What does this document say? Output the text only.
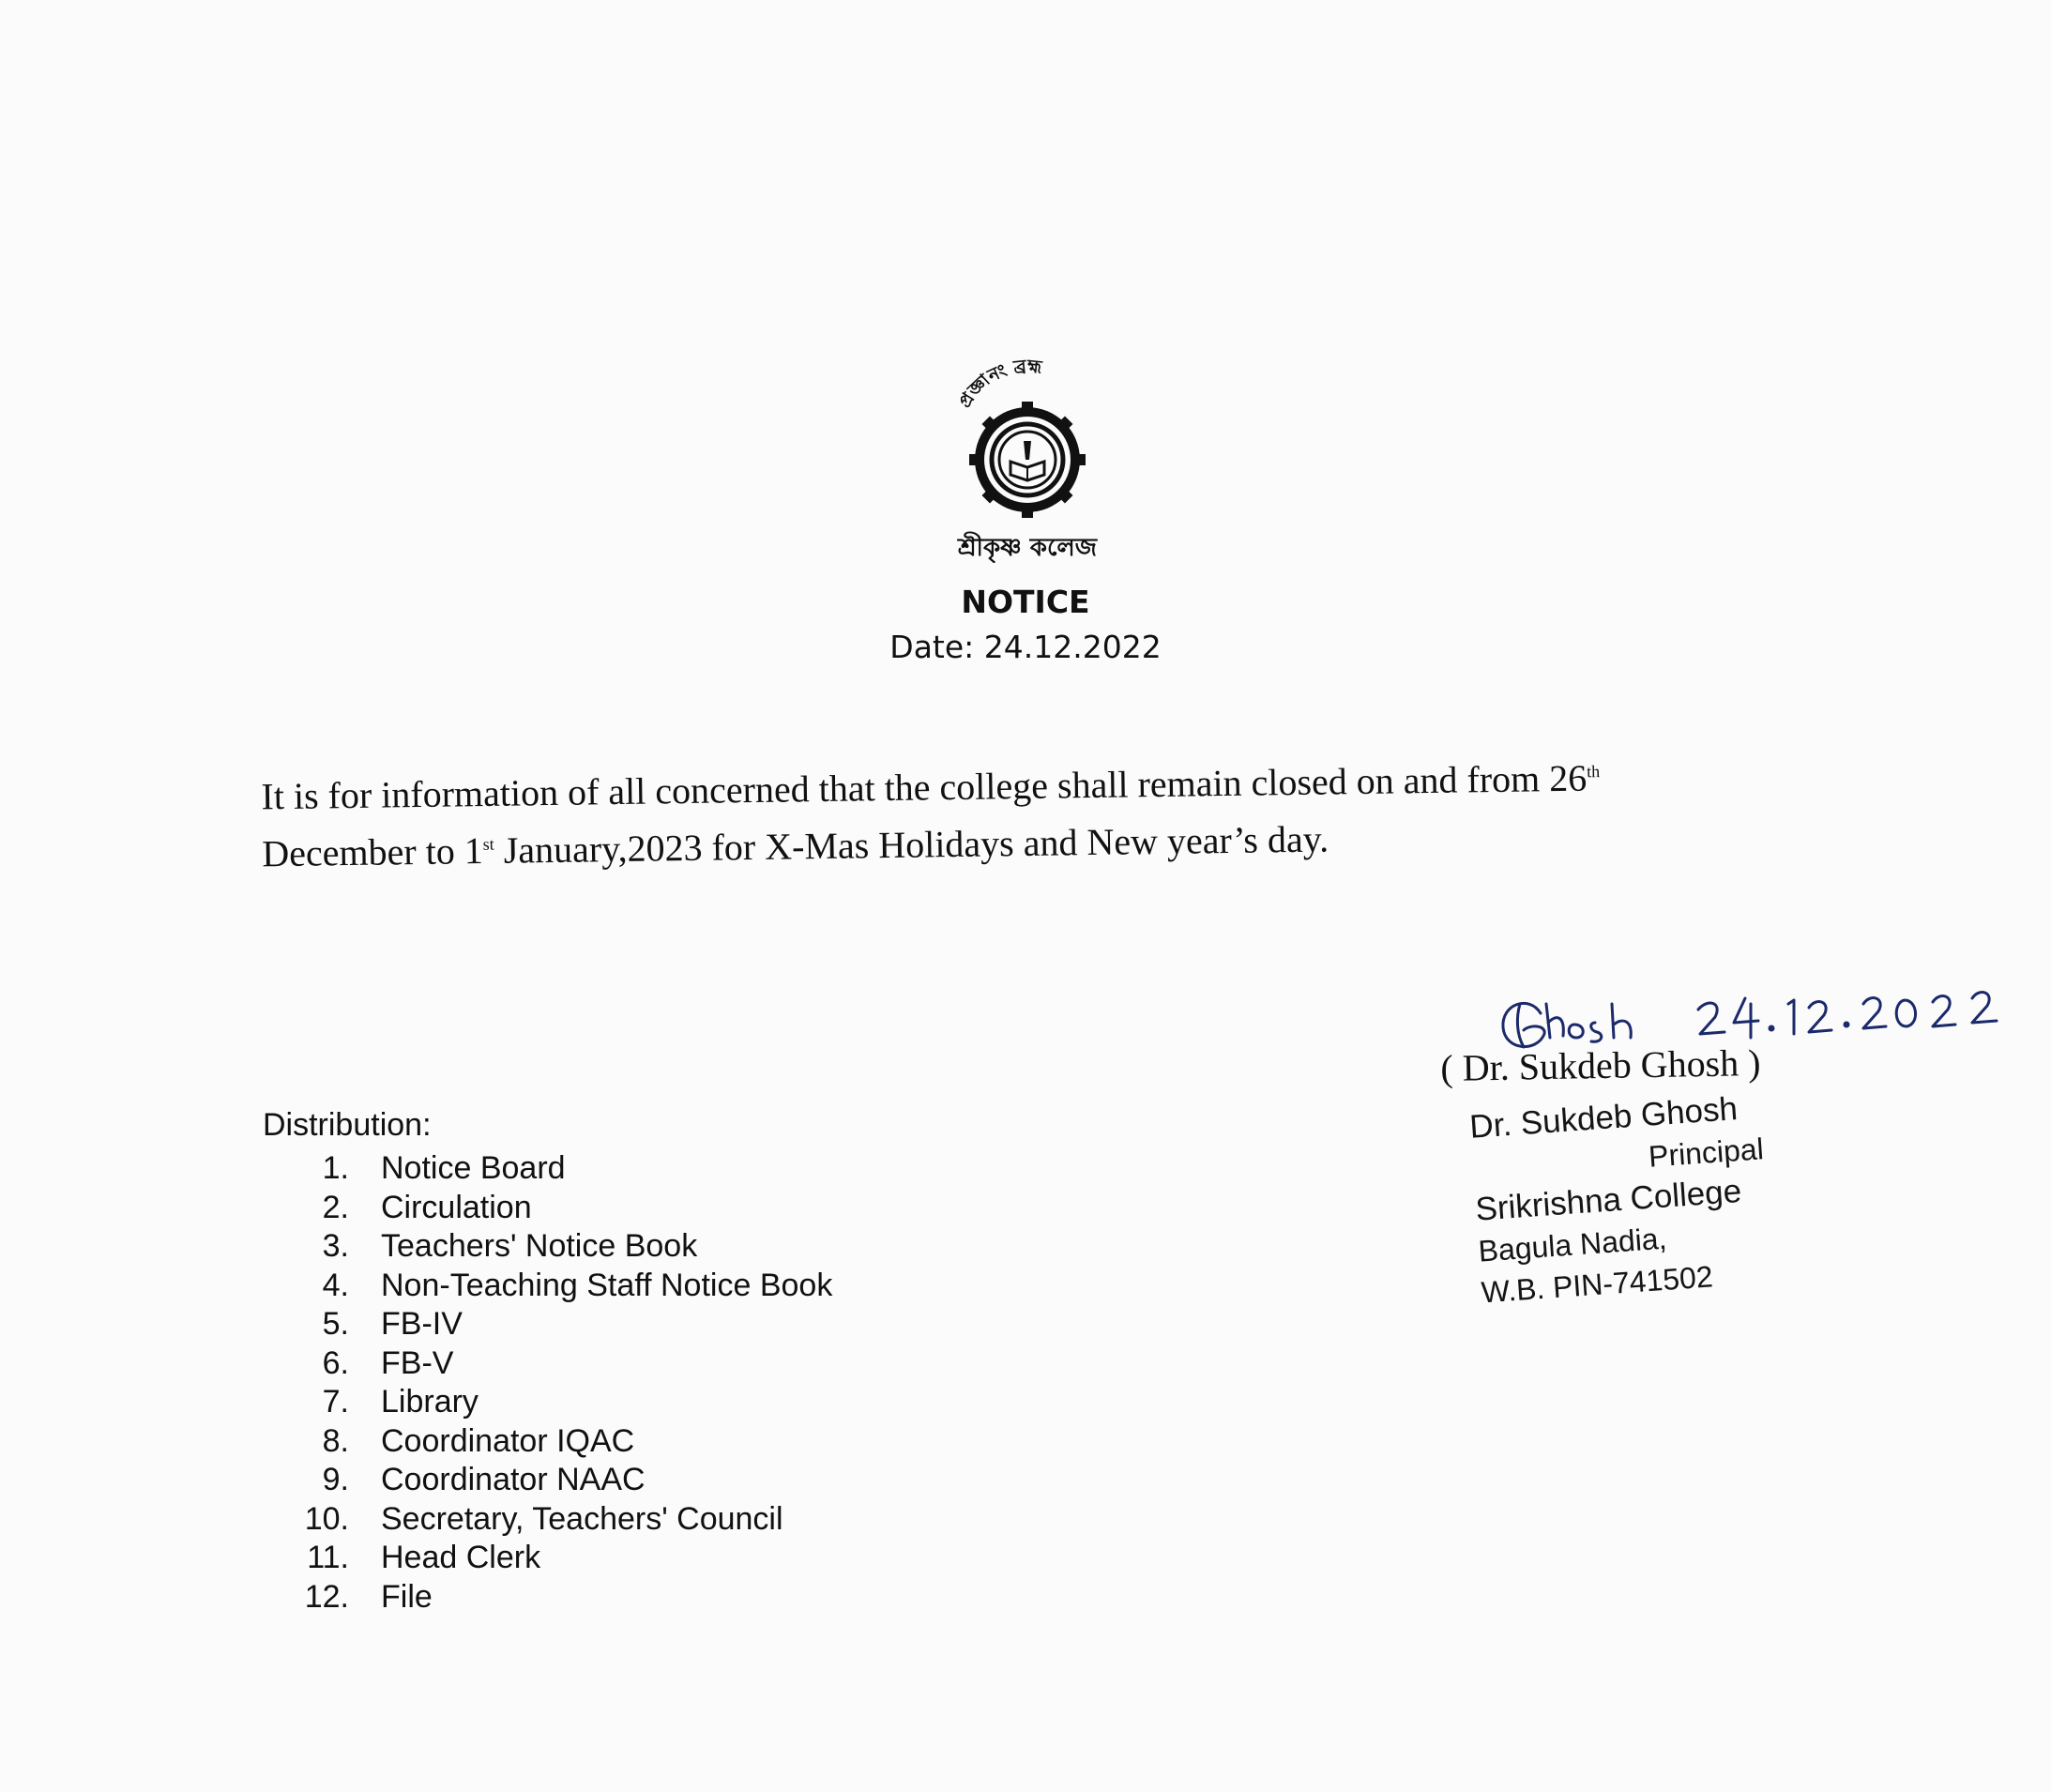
প্রজ্ঞানং ব্রহ্ম
শ্রীকৃষ্ণ কলেজ
NOTICE
Date: 24.12.2022

It is for information of all concerned that the college shall remain closed on and from 26th

December to 1st January,2023 for X-Mas Holidays and New year’s day.

Distribution:
1. Notice Board
2. Circulation
3. Teachers' Notice Book
4. Non-Teaching Staff Notice Book
5. FB-IV
6. FB-V
7. Library
8. Coordinator IQAC
9. Coordinator NAAC
10. Secretary, Teachers' Council
11. Head Clerk
12. File
( Dr. Sukdeb Ghosh )
Dr. Sukdeb Ghosh
Principal
Srikrishna College
Bagula Nadia,
W.B. PIN-741502
